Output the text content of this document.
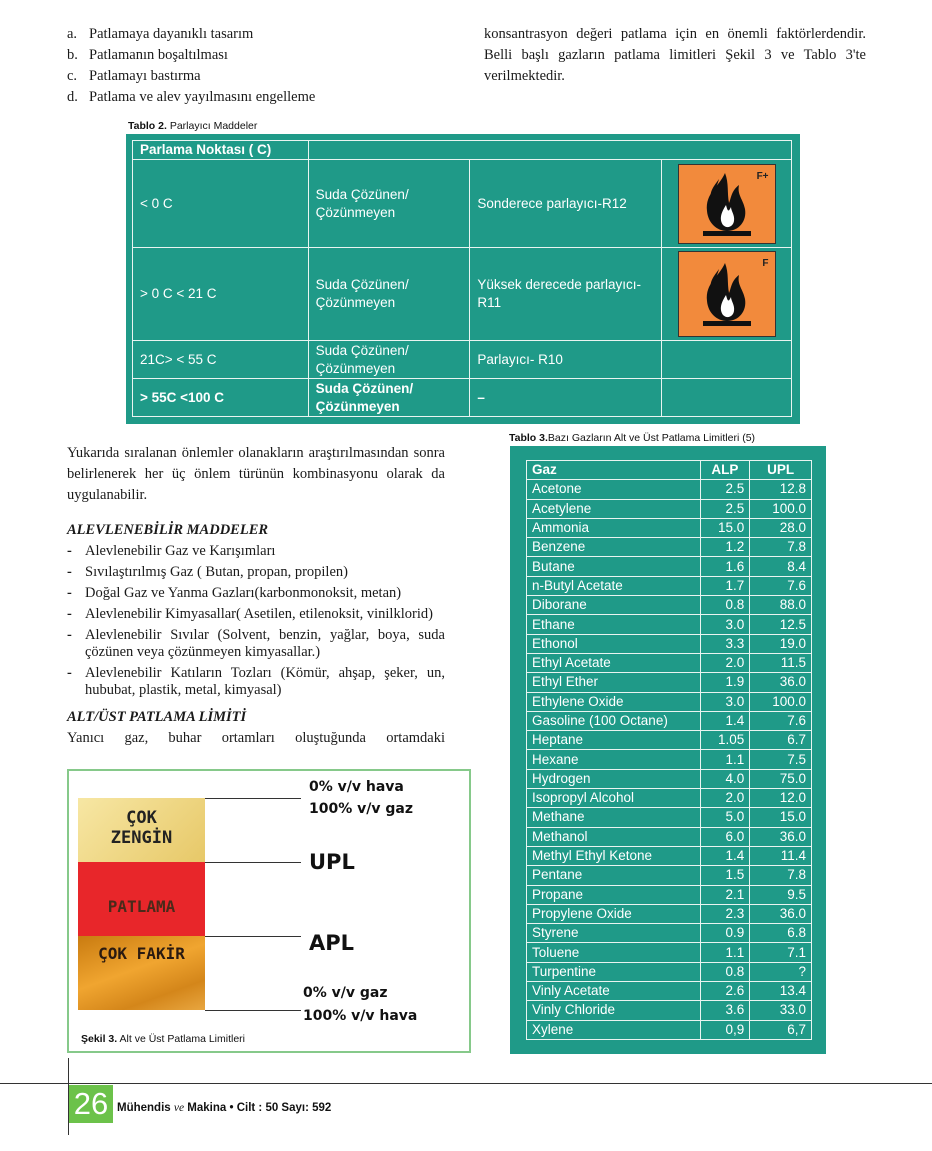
a. Patlamaya dayanıklı tasarım
b. Patlamanın boşaltılması
c. Patlamayı bastırma
d. Patlama ve alev yayılmasını engelleme

konsantrasyon değeri patlama için en önemli faktörlerdendir. Belli başlı gazların patlama limitleri Şekil 3 ve Tablo 3'te verilmektedir.

Tablo 2. Parlayıcı Maddeler
Parlama Noktası ( C)			
< 0 C	Suda Çözünen/ Çözünmeyen	Sonderece parlayıcı-R12	F+

> 0 C < 21 C	Suda Çözünen/ Çözünmeyen	Yüksek derecede parlayıcı- R11	F

21C> < 55 C	Suda Çözünen/ Çözünmeyen	Parlayıcı- R10	
> 55C <100 C	Suda Çözünen/ Çözünmeyen	–	

Yukarıda sıralanan önlemler olanakların araştırılmasından sonra belirlenerek her üç önlem türünün kombinasyonu olarak da uygulanabilir.

ALEVLENEBİLİR MADDELER

- Alevlenebilir Gaz ve Karışımları
- Sıvılaştırılmış Gaz ( Butan, propan, propilen)
- Doğal Gaz ve Yanma Gazları(karbonmonoksit, metan)
- Alevlenebilir Kimyasallar( Asetilen, etilenoksit, vinilklorid)
- Alevlenebilir Sıvılar (Solvent, benzin, yağlar, boya, suda çözünen veya çözünmeyen kimyasallar.)
- Alevlenebilir Katıların Tozları (Kömür, ahşap, şeker, un, hububat, plastik, metal, kimyasal)

ALT/ÜST PATLAMA LİMİTİ

Yanıcı gaz, buhar ortamları oluştuğunda ortamdaki

ÇOK
ZENGİN
PATLAMA
ÇOK FAKİR
0% v/v hava
100% v/v gaz
UPL
APL
0% v/v gaz
100% v/v hava
Şekil 3. Alt ve Üst Patlama Limitleri
Tablo 3.Bazı Gazların Alt ve Üst Patlama Limitleri (5)
Gaz	ALP	UPL
Acetone	2.5	12.8
Acetylene	2.5	100.0
Ammonia	15.0	28.0
Benzene	1.2	7.8
Butane	1.6	8.4
n-Butyl Acetate	1.7	7.6
Diborane	0.8	88.0
Ethane	3.0	12.5
Ethonol	3.3	19.0
Ethyl Acetate	2.0	11.5
Ethyl Ether	1.9	36.0
Ethylene Oxide	3.0	100.0
Gasoline (100 Octane)	1.4	7.6
Heptane	1.05	6.7
Hexane	1.1	7.5
Hydrogen	4.0	75.0
Isopropyl Alcohol	2.0	12.0
Methane	5.0	15.0
Methanol	6.0	36.0
Methyl Ethyl Ketone	1.4	11.4
Pentane	1.5	7.8
Propane	2.1	9.5
Propylene Oxide	2.3	36.0
Styrene	0.9	6.8
Toluene	1.1	7.1
Turpentine	0.8	?
Vinly Acetate	2.6	13.4
Vinly Chloride	3.6	33.0
Xylene	0,9	6,7
26 Mühendis ve Makina • Cilt : 50 Sayı: 592
